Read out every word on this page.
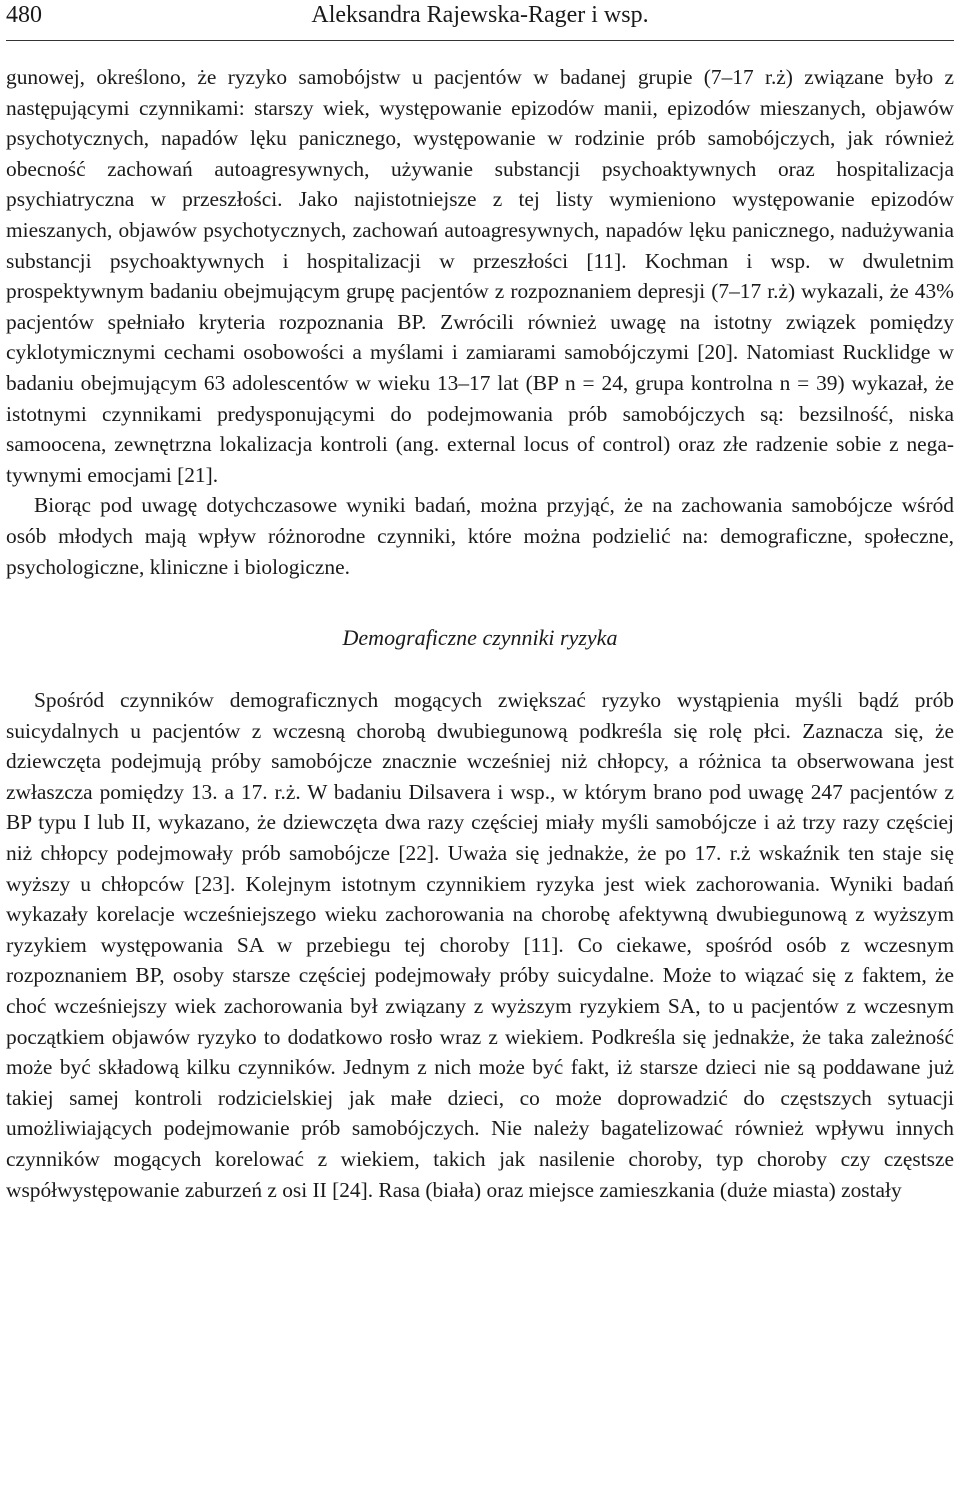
480	Aleksandra Rajewska-Rager i wsp.

gunowej, określono, że ryzyko samobójstw u pacjentów w badanej grupie (7–17 r.ż) związane było z następującymi czynnikami: starszy wiek, występowanie epizodów manii, epizodów mieszanych, objawów psychotycznych, napadów lęku panicznego, występowanie w rodzinie prób samobójczych, jak również obecność zachowań autoagresywnych, używanie substancji psychoaktywnych oraz hospitalizacja psychiatryczna w przeszłości. Jako najistotniejsze z tej listy wymieniono występowanie epizodów mieszanych, objawów psychotycznych, zachowań autoagresywnych, napadów lęku panicznego, nadużywania substancji psychoaktywnych i hospitalizacji w przeszłości [11]. Kochman i wsp. w dwuletnim prospektywnym badaniu obejmującym grupę pacjentów z rozpoznaniem depresji (7–17 r.ż) wykazali, że 43% pacjentów spełniało kryteria rozpoznania BP. Zwrócili również uwagę na istotny związek pomiędzy cyklotymicznymi cechami osobowości a myślami i zamiarami samobójczymi [20]. Natomiast Rucklidge w badaniu obejmującym 63 adolescentów w wieku 13–17 lat (BP n = 24, grupa kontrolna n = 39) wykazał, że istotnymi czynnikami predysponującymi do podejmowania prób samobójczych są: bezsilność, niska samoocena, zewnętrzna lokalizacja kontroli (ang. external locus of control) oraz złe radzenie sobie z negatywnymi emocjami [21].

Biorąc pod uwagę dotychczasowe wyniki badań, można przyjąć, że na zachowania samobójcze wśród osób młodych mają wpływ różnorodne czynniki, które można podzielić na: demograficzne, społeczne, psychologiczne, kliniczne i biologiczne.

Demograficzne czynniki ryzyka

Spośród czynników demograficznych mogących zwiększać ryzyko wystąpienia myśli bądź prób suicydalnych u pacjentów z wczesną chorobą dwubiegunową podkreśla się rolę płci. Zaznacza się, że dziewczęta podejmują próby samobójcze znacznie wcześniej niż chłopcy, a różnica ta obserwowana jest zwłaszcza pomiędzy 13. a 17. r.ż. W badaniu Dilsavera i wsp., w którym brano pod uwagę 247 pacjentów z BP typu I lub II, wykazano, że dziewczęta dwa razy częściej miały myśli samobójcze i aż trzy razy częściej niż chłopcy podejmowały prób samobójcze [22]. Uważa się jednakże, że po 17. r.ż wskaźnik ten staje się wyższy u chłopców [23]. Kolejnym istotnym czynnikiem ryzyka jest wiek zachorowania. Wyniki badań wykazały korelacje wcześniejszego wieku zachorowania na chorobę afektywną dwubiegunową z wyższym ryzykiem występowania SA w przebiegu tej choroby [11]. Co ciekawe, spośród osób z wczesnym rozpoznaniem BP, osoby starsze częściej podejmowały próby suicydalne. Może to wiązać się z faktem, że choć wcześniejszy wiek zachorowania był związany z wyższym ryzykiem SA, to u pacjentów z wczesnym początkiem objawów ryzyko to dodatkowo rosło wraz z wiekiem. Podkreśla się jednakże, że taka zależność może być składową kilku czynników. Jednym z nich może być fakt, iż starsze dzieci nie są poddawane już takiej samej kontroli rodzicielskiej jak małe dzieci, co może doprowadzić do częstszych sytuacji umożliwiających podejmowanie prób samobójczych. Nie należy bagatelizować również wpływu innych czynników mogących korelować z wiekiem, takich jak nasilenie choroby, typ choroby czy częstsze współwystępowanie zaburzeń z osi II [24]. Rasa (biała) oraz miejsce zamieszkania (duże miasta) zostały
